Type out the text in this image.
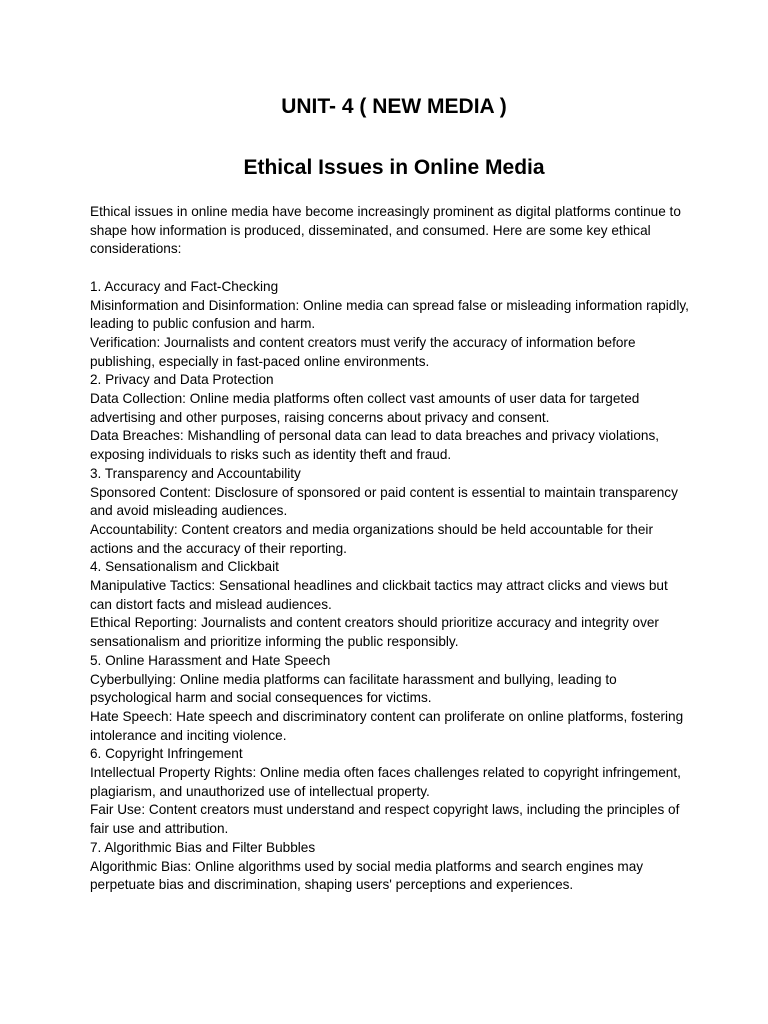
UNIT- 4 ( NEW MEDIA )
Ethical Issues in Online Media

Ethical issues in online media have become increasingly prominent as digital platforms continue to shape how information is produced, disseminated, and consumed. Here are some key ethical considerations:

1. Accuracy and Fact-Checking

Misinformation and Disinformation: Online media can spread false or misleading information rapidly, leading to public confusion and harm.

Verification: Journalists and content creators must verify the accuracy of information before publishing, especially in fast-paced online environments.

2. Privacy and Data Protection

Data Collection: Online media platforms often collect vast amounts of user data for targeted advertising and other purposes, raising concerns about privacy and consent.

Data Breaches: Mishandling of personal data can lead to data breaches and privacy violations, exposing individuals to risks such as identity theft and fraud.

3. Transparency and Accountability

Sponsored Content: Disclosure of sponsored or paid content is essential to maintain transparency and avoid misleading audiences.

Accountability: Content creators and media organizations should be held accountable for their actions and the accuracy of their reporting.

4. Sensationalism and Clickbait

Manipulative Tactics: Sensational headlines and clickbait tactics may attract clicks and views but can distort facts and mislead audiences.

Ethical Reporting: Journalists and content creators should prioritize accuracy and integrity over sensationalism and prioritize informing the public responsibly.

5. Online Harassment and Hate Speech

Cyberbullying: Online media platforms can facilitate harassment and bullying, leading to psychological harm and social consequences for victims.

Hate Speech: Hate speech and discriminatory content can proliferate on online platforms, fostering intolerance and inciting violence.

6. Copyright Infringement

Intellectual Property Rights: Online media often faces challenges related to copyright infringement, plagiarism, and unauthorized use of intellectual property.

Fair Use: Content creators must understand and respect copyright laws, including the principles of fair use and attribution.

7. Algorithmic Bias and Filter Bubbles

Algorithmic Bias: Online algorithms used by social media platforms and search engines may perpetuate bias and discrimination, shaping users' perceptions and experiences.
